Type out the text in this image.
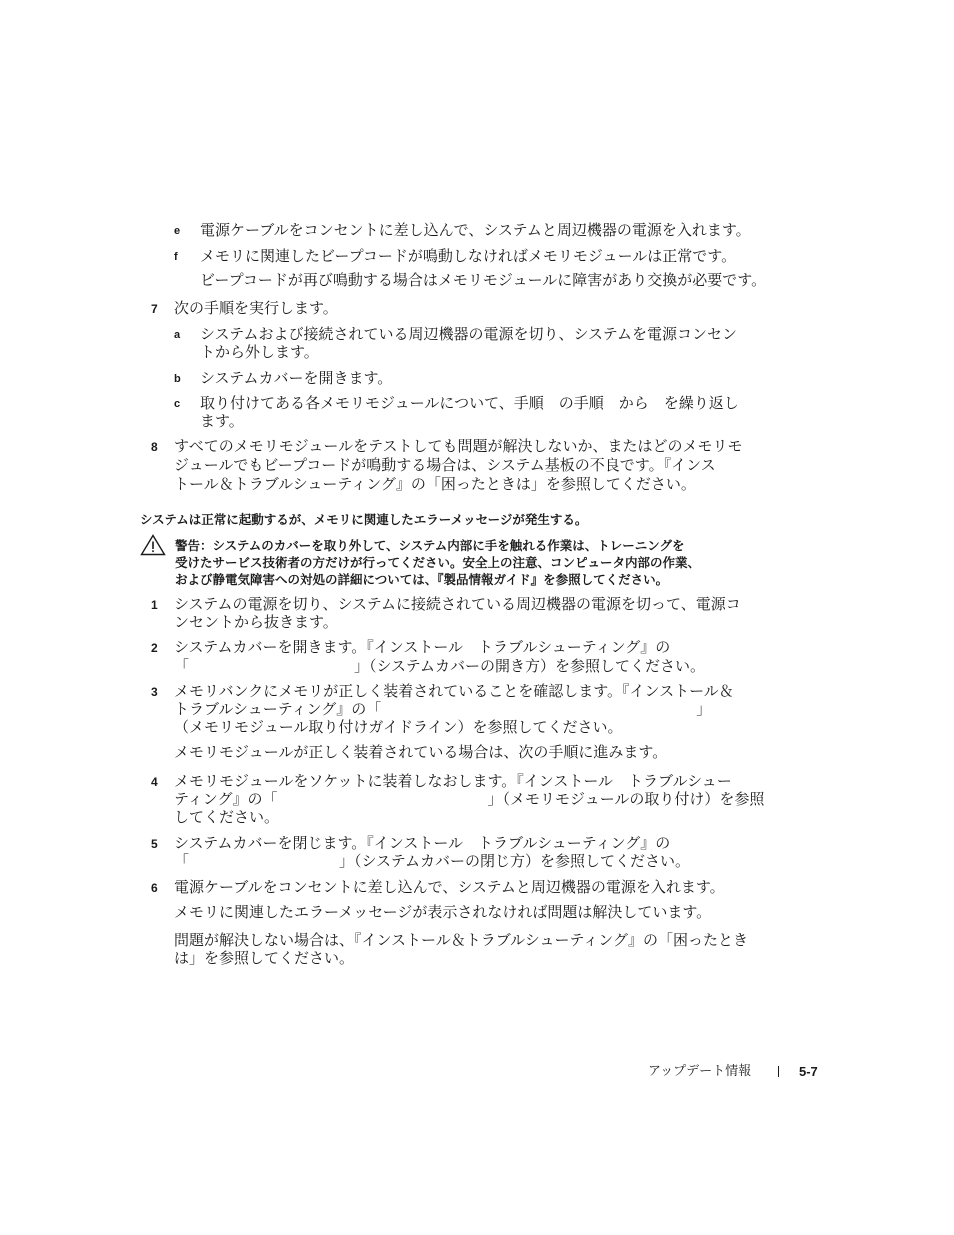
e 電源ケーブルをコンセントに差し込んで、システムと周辺機器の電源を入れます。
f メモリに関連したビープコードが鳴動しなければメモリモジュールは正常です。
ビープコードが再び鳴動する場合はメモリモジュールに障害があり交換が必要です。
7 次の手順を実行します。
a システムおよび接続されている周辺機器の電源を切り、システムを電源コンセン
トから外します。
b システムカバーを開きます。
c 取り付けてある各メモリモジュールについて、手順　の手順　から　を繰り返し
ます。
8 すべてのメモリモジュールをテストしても問題が解決しないか、またはどのメモリモ
ジュールでもビープコードが鳴動する場合は、システム基板の不良です。『インス
トール＆トラブルシューティング』の「困ったときは」を参照してください。
システムは正常に起動するが、メモリに関連したエラーメッセージが発生する。
警告：システムのカバーを取り外して、システム内部に手を触れる作業は、トレーニングを
受けたサービス技術者の方だけが行ってください。安全上の注意、コンピュータ内部の作業、
および静電気障害への対処の詳細については、『製品情報ガイド』を参照してください。
1 システムの電源を切り、システムに接続されている周辺機器の電源を切って、電源コ
ンセントから抜きます。
2 システムカバーを開きます。『インストール　トラブルシューティング』の
「　　　　　　　　　　　」（システムカバーの開き方）を参照してください。
3 メモリバンクにメモリが正しく装着されていることを確認します。『インストール＆
トラブルシューティング』の「　　　　　　　　　　　　　　　　　　　　　」
（メモリモジュール取り付けガイドライン）を参照してください。
メモリモジュールが正しく装着されている場合は、次の手順に進みます。
4 メモリモジュールをソケットに装着しなおします。『インストール　トラブルシュー
ティング』の「　　　　　　　　　　　　　　」（メモリモジュールの取り付け）を参照
してください。
5 システムカバーを閉じます。『インストール　トラブルシューティング』の
「　　　　　　　　　　」（システムカバーの閉じ方）を参照してください。
6 電源ケーブルをコンセントに差し込んで、システムと周辺機器の電源を入れます。
メモリに関連したエラーメッセージが表示されなければ問題は解決しています。
問題が解決しない場合は、『インストール＆トラブルシューティング』の「困ったとき
は」を参照してください。
アップデート情報	5-7
